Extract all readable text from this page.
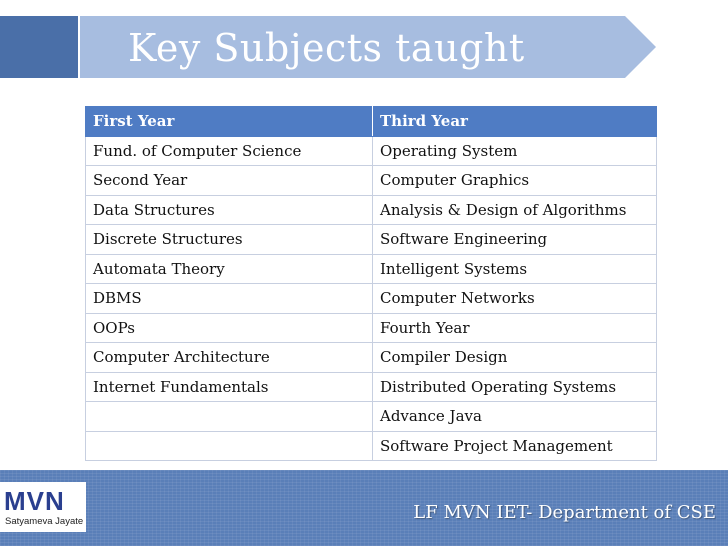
Key Subjects taught
First Year	Third Year
Fund. of Computer Science	Operating System
Second Year	Computer Graphics
Data Structures	Analysis & Design of Algorithms
Discrete Structures	Software Engineering
Automata Theory	Intelligent Systems
DBMS	Computer Networks
OOPs	Fourth Year
Computer Architecture	Compiler Design
Internet Fundamentals	Distributed Operating Systems
	Advance Java
	Software Project Management
MVN
Satyameva Jayate	LF MVN IET- Department of CSE
